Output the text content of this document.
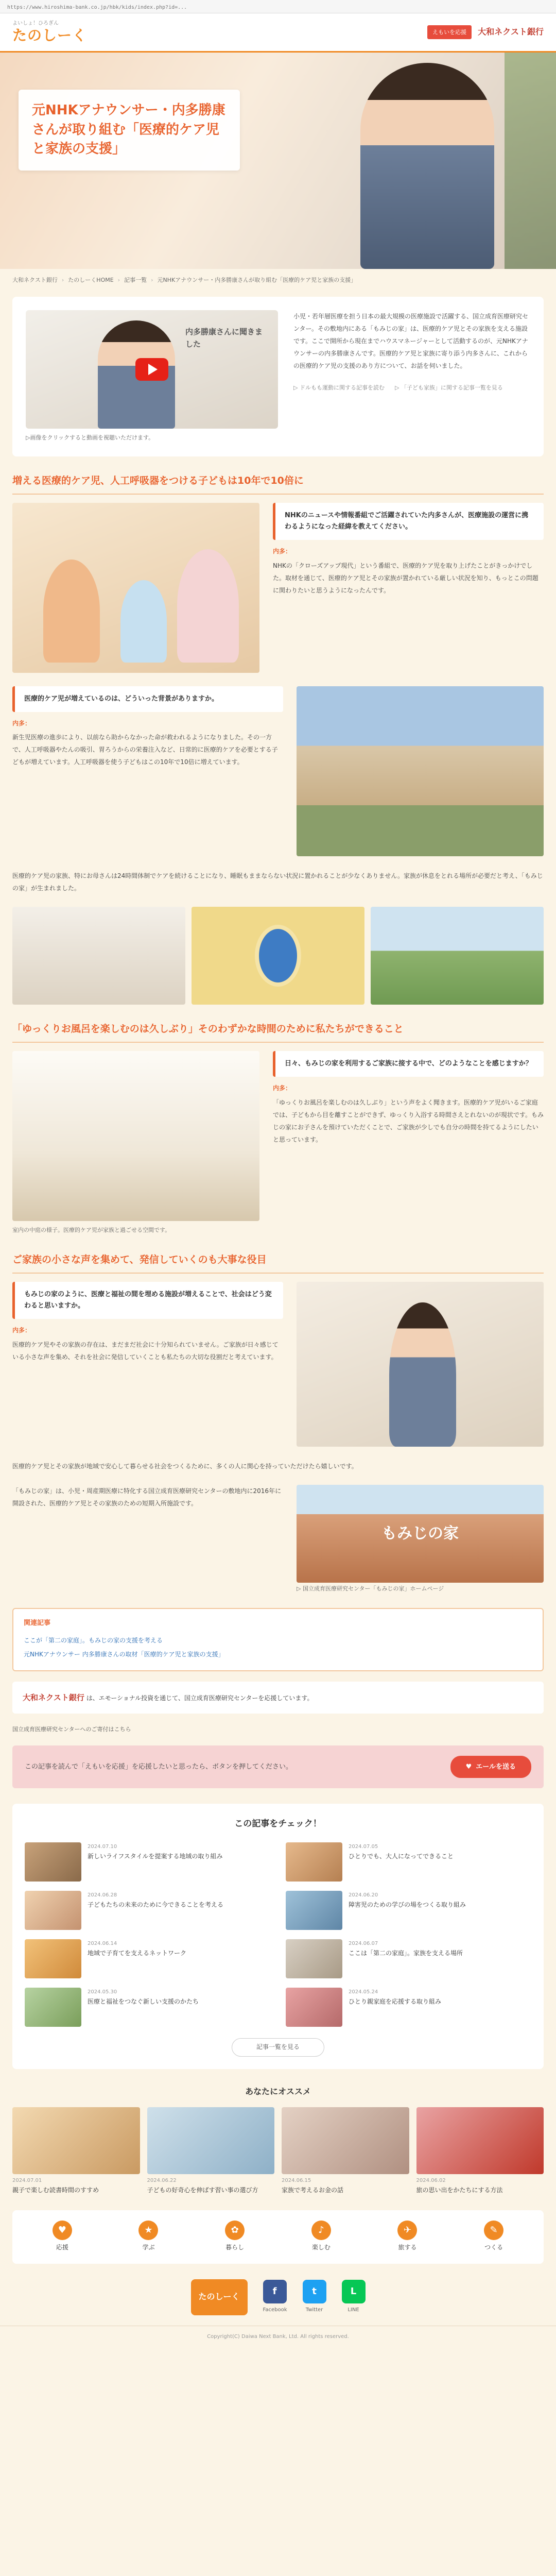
https://www.hiroshima-bank.co.jp/hbk/kids/index.php?id=...
よいしょ！ひろぎん
たのしーく	えもいを応援	大和ネクスト銀行
元NHKアナウンサー・内多勝康さんが取り組む「医療的ケア児と家族の支援」
大和ネクスト銀行 › たのしーくHOME › 記事一覧 › 元NHKアナウンサー・内多勝康さんが取り組む「医療的ケア児と家族の支援」
内多勝康さんに聞きました
▷画像をクリックすると動画を視聴いただけます。

小児・若年層医療を担う日本の最大規模の医療施設で活躍する、国立成育医療研究センター。その敷地内にある「もみじの家」は、医療的ケア児とその家族を支える施設です。ここで開所から現在までハウスマネージャーとして活動するのが、元NHKアナウンサーの内多勝康さんです。医療的ケア児と家族に寄り添う内多さんに、これからの医療的ケア児の支援のあり方について、お話を伺いました。

▷ ドルもも運動に関する記事を読む ▷ 「子ども家族」に関する記事一覧を見る
増える医療的ケア児、人工呼吸器をつける子どもは10年で10倍に
NHKのニュースや情報番組でご活躍されていた内多さんが、医療施設の運営に携わるようになった経緯を教えてください。
内多：

NHKの「クローズアップ現代」という番組で、医療的ケア児を取り上げたことがきっかけでした。取材を通じて、医療的ケア児とその家族が置かれている厳しい状況を知り、もっとこの問題に関わりたいと思うようになったんです。

医療的ケア児が増えているのは、どういった背景がありますか。
内多：

新生児医療の進歩により、以前なら助からなかった命が救われるようになりました。その一方で、人工呼吸器やたんの吸引、胃ろうからの栄養注入など、日常的に医療的ケアを必要とする子どもが増えています。人工呼吸器を使う子どもはこの10年で10倍に増えています。

医療的ケア児の家族、特にお母さんは24時間体制でケアを続けることになり、睡眠もままならない状況に置かれることが少なくありません。家族が休息をとれる場所が必要だと考え、「もみじの家」が生まれました。

「ゆっくりお風呂を楽しむのは久しぶり」そのわずかな時間のために私たちができること
室内の中庭の様子。医療的ケア児が家族と過ごせる空間です。
日々、もみじの家を利用するご家族に接する中で、どのようなことを感じますか？
内多：

「ゆっくりお風呂を楽しむのは久しぶり」という声をよく聞きます。医療的ケア児がいるご家庭では、子どもから目を離すことができず、ゆっくり入浴する時間さえとれないのが現状です。もみじの家にお子さんを預けていただくことで、ご家族が少しでも自分の時間を持てるようにしたいと思っています。

ご家族の小さな声を集めて、発信していくのも大事な役目
もみじの家のように、医療と福祉の間を埋める施設が増えることで、社会はどう変わると思いますか。
内多：

医療的ケア児やその家族の存在は、まだまだ社会に十分知られていません。ご家族が日々感じている小さな声を集め、それを社会に発信していくことも私たちの大切な役割だと考えています。

医療的ケア児とその家族が地域で安心して暮らせる社会をつくるために、多くの人に関心を持っていただけたら嬉しいです。

「もみじの家」は、小児・周産期医療に特化する国立成育医療研究センターの敷地内に2016年に開設された、医療的ケア児とその家族のための短期入所施設です。
もみじの家
▷ 国立成育医療研究センター「もみじの家」ホームページ
関連記事
ここが「第二の家庭」。もみじの家の支援を考える
元NHKアナウンサー 内多勝康さんの取材「医療的ケア児と家族の支援」
大和ネクスト銀行 は、エモーショナル投資を通じて、国立成育医療研究センターを応援しています。

国立成育医療研究センターへのご寄付はこちら

この記事を読んで「えもいを応援」を応援したいと思ったら、ボタンを押してください。	♥ エールを送る
この記事をチェック！
2024.07.10
新しいライフスタイルを提案する地域の取り組み
2024.07.05
ひとりでも、大人になってできること
2024.06.28
子どもたちの未来のために今できることを考える
2024.06.20
障害児のための学びの場をつくる取り組み
2024.06.14
地域で子育てを支えるネットワーク
2024.06.07
ここは「第二の家庭」。家族を支える場所
2024.05.30
医療と福祉をつなぐ新しい支援のかたち
2024.05.24
ひとり親家庭を応援する取り組み
記事一覧を見る
あなたにオススメ
2024.07.01
親子で楽しむ読書時間のすすめ
2024.06.22
子どもの好奇心を伸ばす習い事の選び方
2024.06.15
家族で考えるお金の話
2024.06.02
旅の思い出をかたちにする方法
♥
応援
★
学ぶ
✿
暮らし
♪
楽しむ
✈
旅する
✎
つくる
たのしーく
f
Facebook
t
Twitter
L
LINE
Copyright(C) Daiwa Next Bank, Ltd. All rights reserved.
